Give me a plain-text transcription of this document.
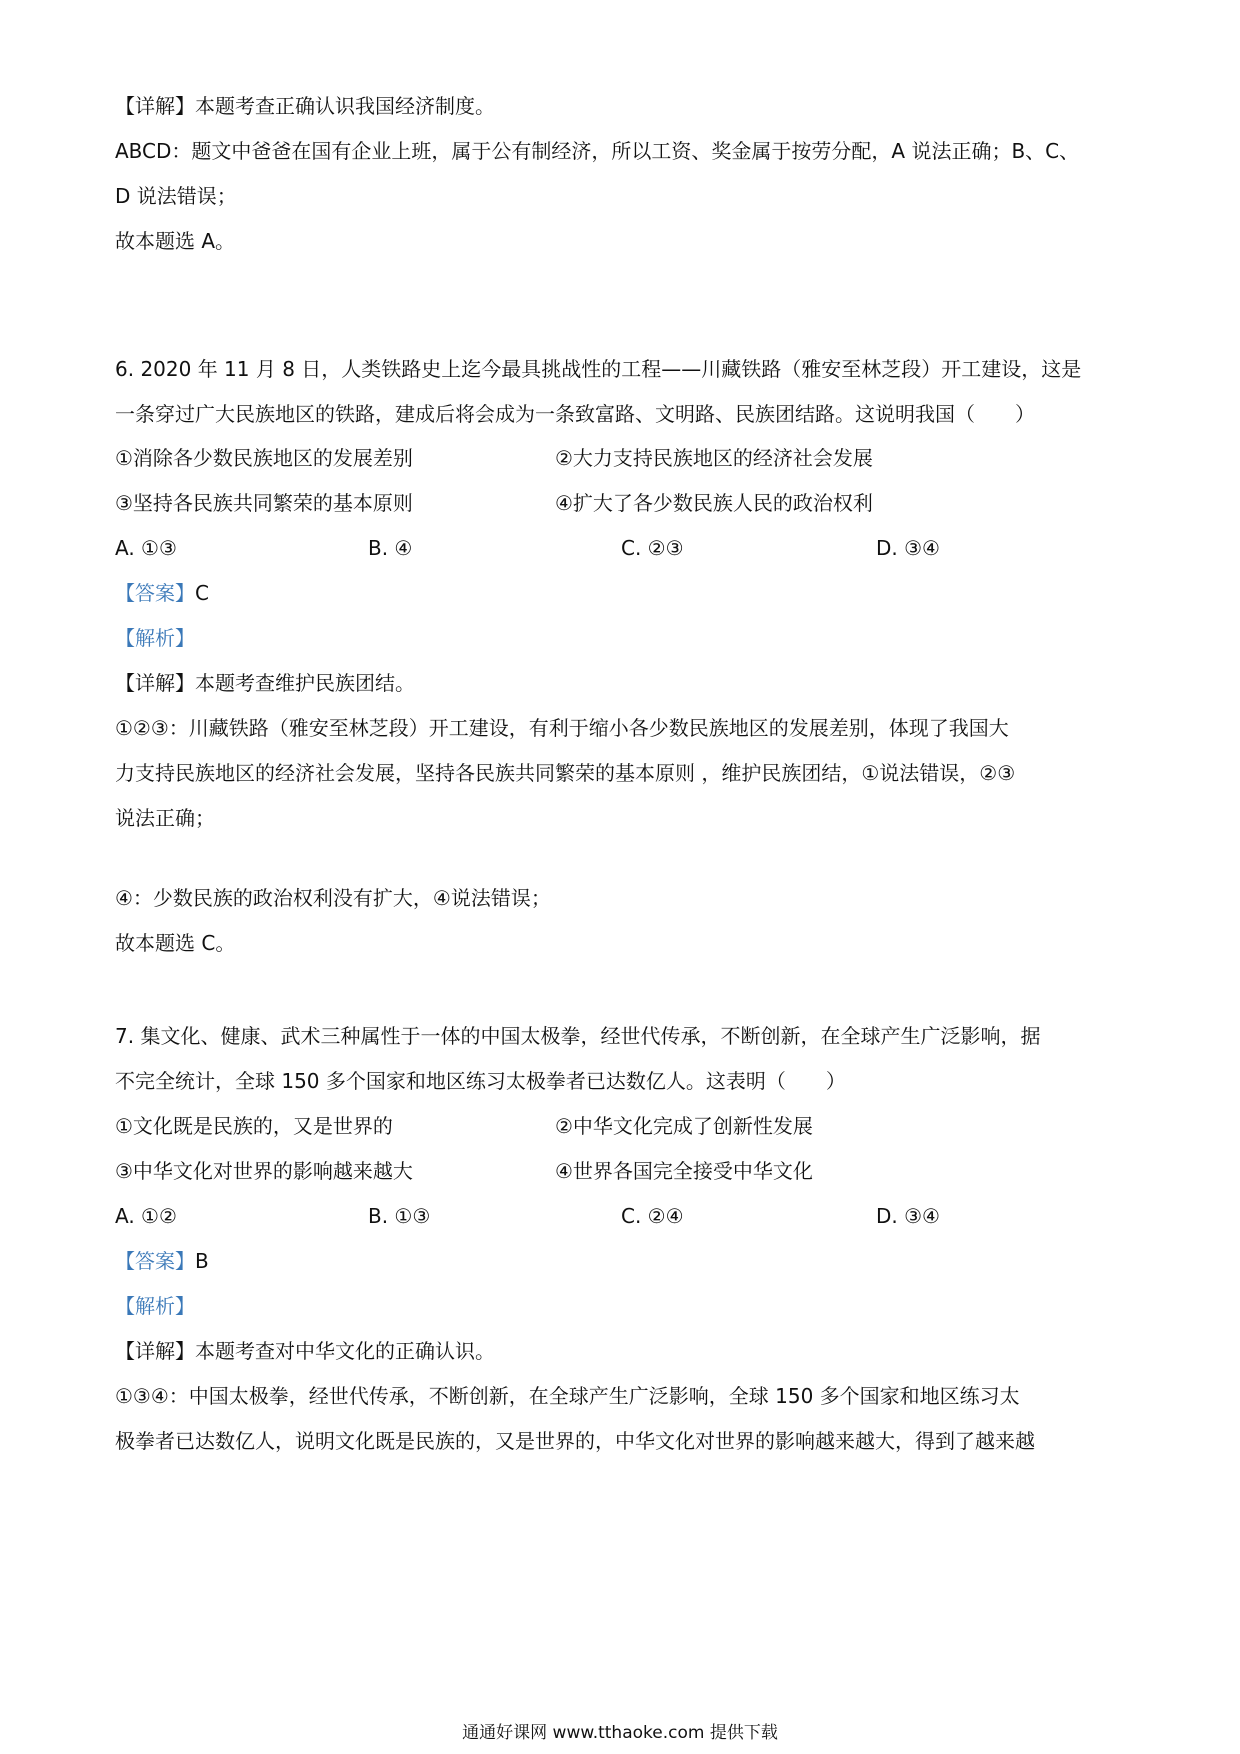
【详解】本题考查正确认识我国经济制度。
ABCD：题文中爸爸在国有企业上班，属于公有制经济，所以工资、奖金属于按劳分配，A 说法正确；B、C、
D 说法错误；
故本题选 A。
6. 2020 年 11 月 8 日，人类铁路史上迄今最具挑战性的工程——川藏铁路（雅安至林芝段）开工建设，这是
一条穿过广大民族地区的铁路，建成后将会成为一条致富路、文明路、民族团结路。这说明我国（　　）
①消除各少数民族地区的发展差别	②大力支持民族地区的经济社会发展
③坚持各民族共同繁荣的基本原则	④扩大了各少数民族人民的政治权利
A. ①③	B. ④	C. ②③	D. ③④
【答案】C
【解析】
【详解】本题考查维护民族团结。
①②③：川藏铁路（雅安至林芝段）开工建设，有利于缩小各少数民族地区的发展差别，体现了我国大
力支持民族地区的经济社会发展，坚持各民族共同繁荣的基本原则 ，维护民族团结，①说法错误，②③
说法正确；
④：少数民族的政治权利没有扩大，④说法错误；
故本题选 C。
7. 集文化、健康、武术三种属性于一体的中国太极拳，经世代传承，不断创新，在全球产生广泛影响，据
不完全统计，全球 150 多个国家和地区练习太极拳者已达数亿人。这表明（　　）
①文化既是民族的，又是世界的	②中华文化完成了创新性发展
③中华文化对世界的影响越来越大	④世界各国完全接受中华文化
A. ①②	B. ①③	C. ②④	D. ③④
【答案】B
【解析】
【详解】本题考查对中华文化的正确认识。
①③④：中国太极拳，经世代传承，不断创新，在全球产生广泛影响，全球 150 多个国家和地区练习太
极拳者已达数亿人，说明文化既是民族的，又是世界的，中华文化对世界的影响越来越大，得到了越来越
通通好课网 www.tthaoke.com 提供下载
